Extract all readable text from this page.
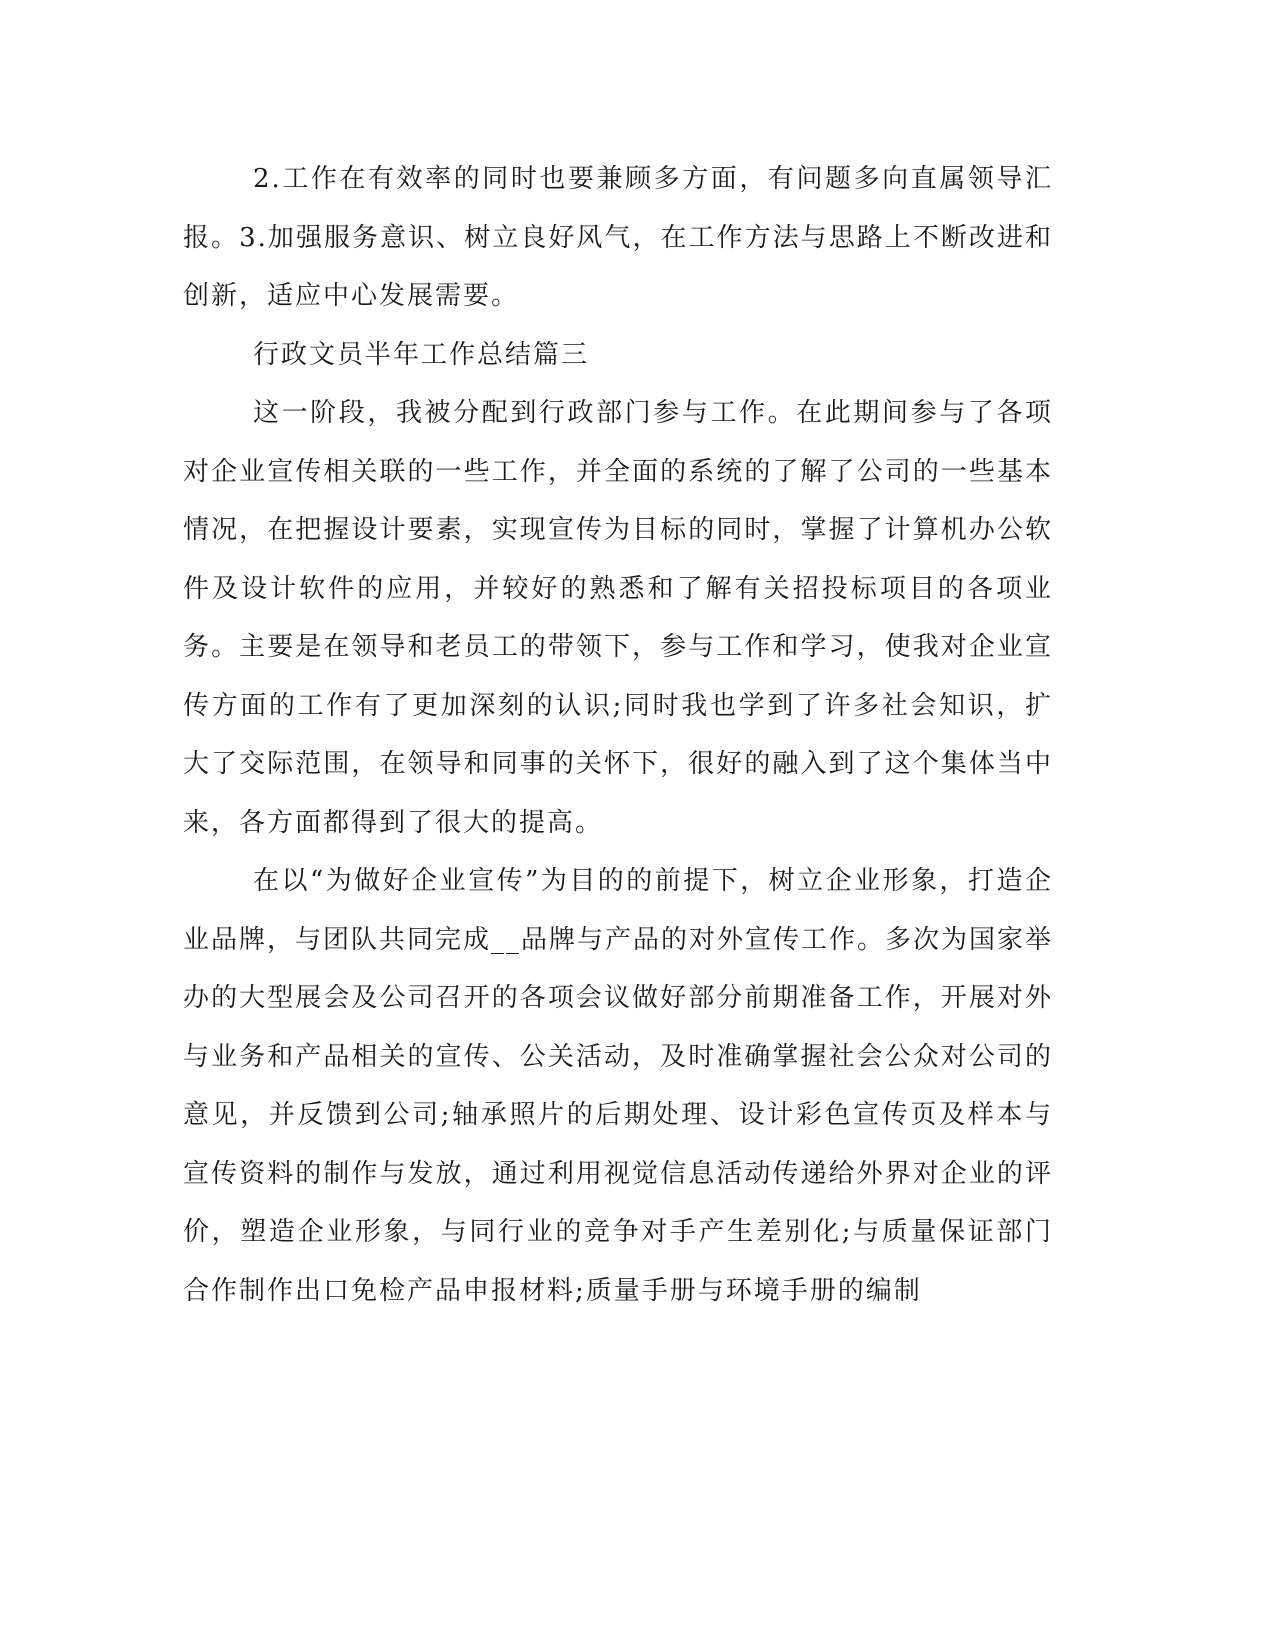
2.工作在有效率的同时也要兼顾多方面，有问题多向直属领导汇报。3.加强服务意识、树立良好风气，在工作方法与思路上不断改进和创新，适应中心发展需要。

行政文员半年工作总结篇三

这一阶段，我被分配到行政部门参与工作。在此期间参与了各项对企业宣传相关联的一些工作，并全面的系统的了解了公司的一些基本情况，在把握设计要素，实现宣传为目标的同时，掌握了计算机办公软件及设计软件的应用，并较好的熟悉和了解有关招投标项目的各项业务。主要是在领导和老员工的带领下，参与工作和学习，使我对企业宣传方面的工作有了更加深刻的认识;同时我也学到了许多社会知识，扩大了交际范围，在领导和同事的关怀下，很好的融入到了这个集体当中来，各方面都得到了很大的提高。

在以“为做好企业宣传”为目的的前提下，树立企业形象，打造企业品牌，与团队共同完成__品牌与产品的对外宣传工作。多次为国家举办的大型展会及公司召开的各项会议做好部分前期准备工作，开展对外与业务和产品相关的宣传、公关活动，及时准确掌握社会公众对公司的意见，并反馈到公司;轴承照片的后期处理、设计彩色宣传页及样本与宣传资料的制作与发放，通过利用视觉信息活动传递给外界对企业的评价，塑造企业形象，与同行业的竞争对手产生差别化;与质量保证部门合作制作出口免检产品申报材料;质量手册与环境手册的编制
